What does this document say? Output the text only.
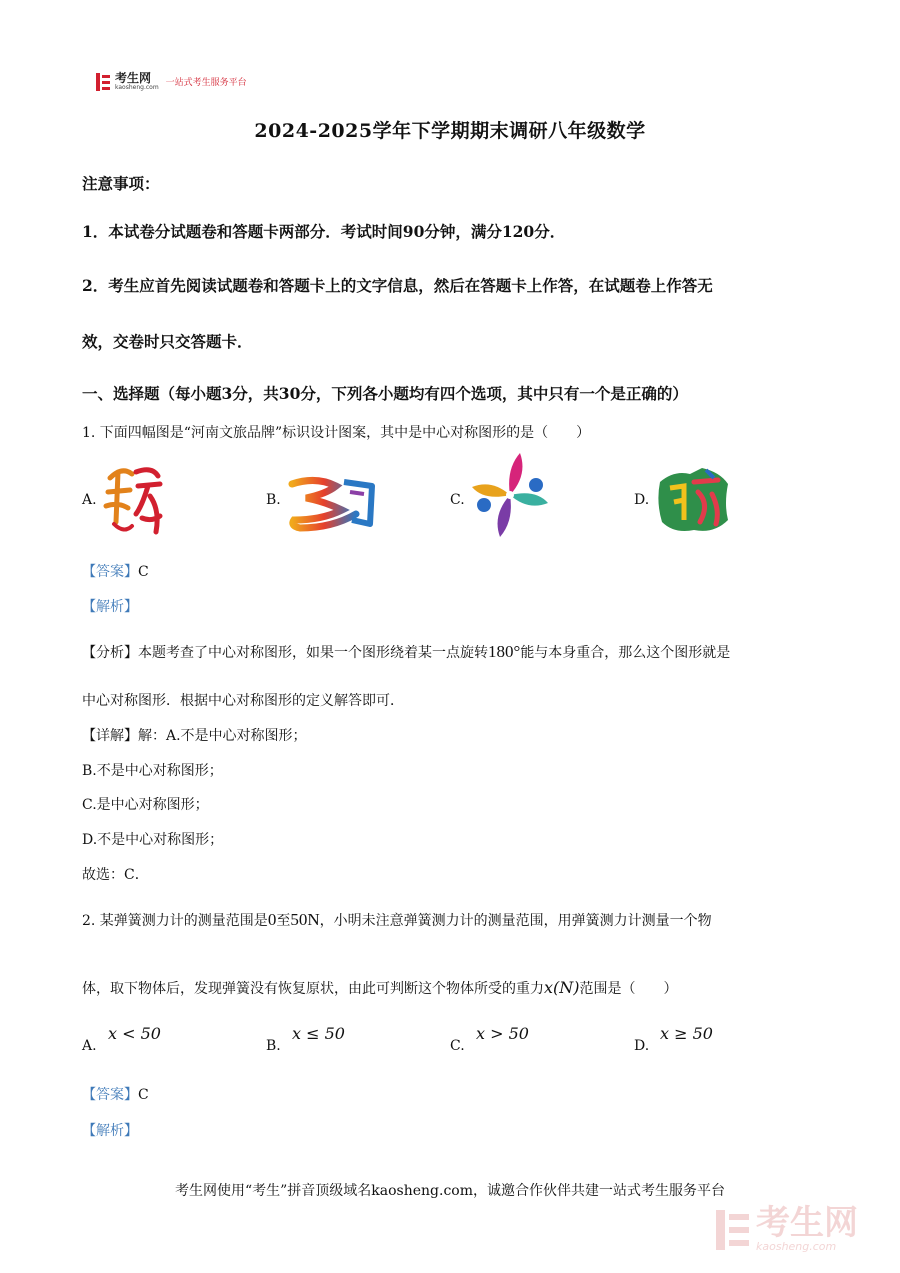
考生网
kaosheng.com 一站式考生服务平台
2024-2025学年下学期期末调研八年级数学
注意事项：
1．本试卷分试题卷和答题卡两部分．考试时间90分钟，满分120分．
2．考生应首先阅读试题卷和答题卡上的文字信息，然后在答题卡上作答，在试题卷上作答无
效，交卷时只交答题卡．
一、选择题（每小题3分，共30分，下列各小题均有四个选项，其中只有一个是正确的）
1. 下面四幅图是“河南文旅品牌”标识设计图案，其中是中心对称图形的是（　　）
A.	B.	C.	D.
【答案】C
【解析】
【分析】本题考查了中心对称图形，如果一个图形绕着某一点旋转180°能与本身重合，那么这个图形就是
中心对称图形．根据中心对称图形的定义解答即可．
【详解】解：A.不是中心对称图形；
B.不是中心对称图形；
C.是中心对称图形；
D.不是中心对称图形；
故选：C．
2. 某弹簧测力计的测量范围是0至50N，小明未注意弹簧测力计的测量范围，用弹簧测力计测量一个物
体，取下物体后，发现弹簧没有恢复原状，由此可判断这个物体所受的重力x(N)范围是（　　）
A.
x < 50
B.
x ≤ 50
C.
x > 50
D.
x ≥ 50
【答案】C
【解析】
考生网使用“考生”拼音顶级域名kaosheng.com，诚邀合作伙伴共建一站式考生服务平台
考生网
kaosheng.com
